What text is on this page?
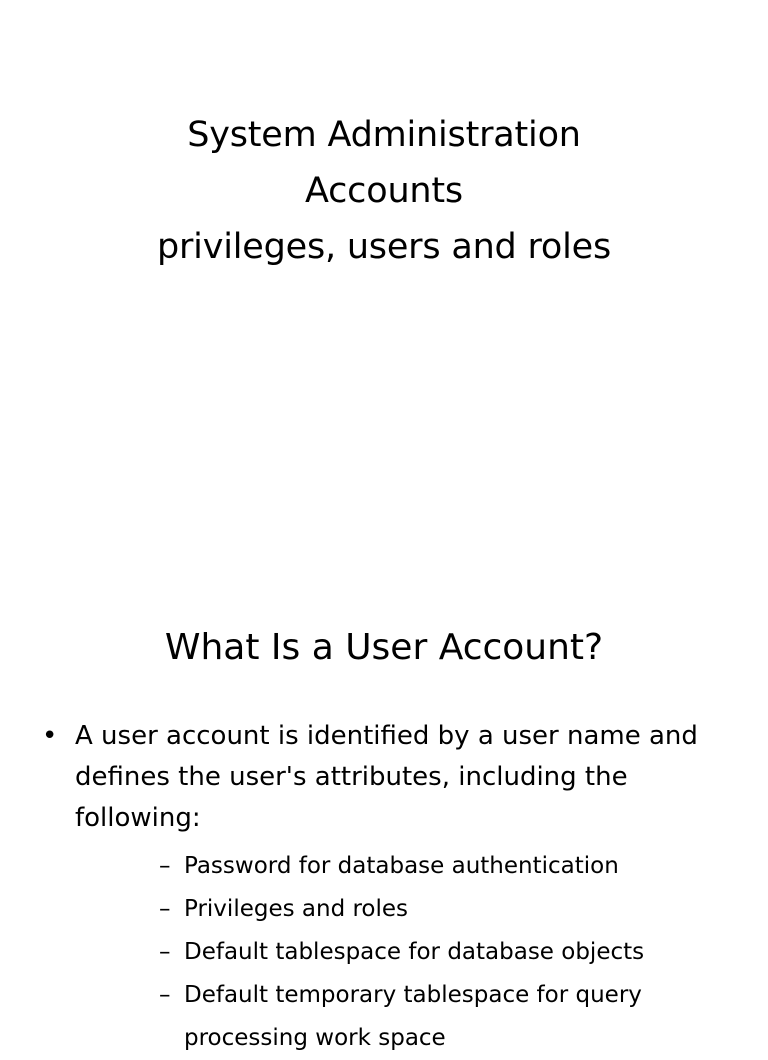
System Administration
Accounts
privileges, users and roles
What Is a User Account?
• A user account is identified by a user name and defines the user's attributes, including the following:
– Password for database authentication
– Privileges and roles
– Default tablespace for database objects
– Default temporary tablespace for query processing work space
